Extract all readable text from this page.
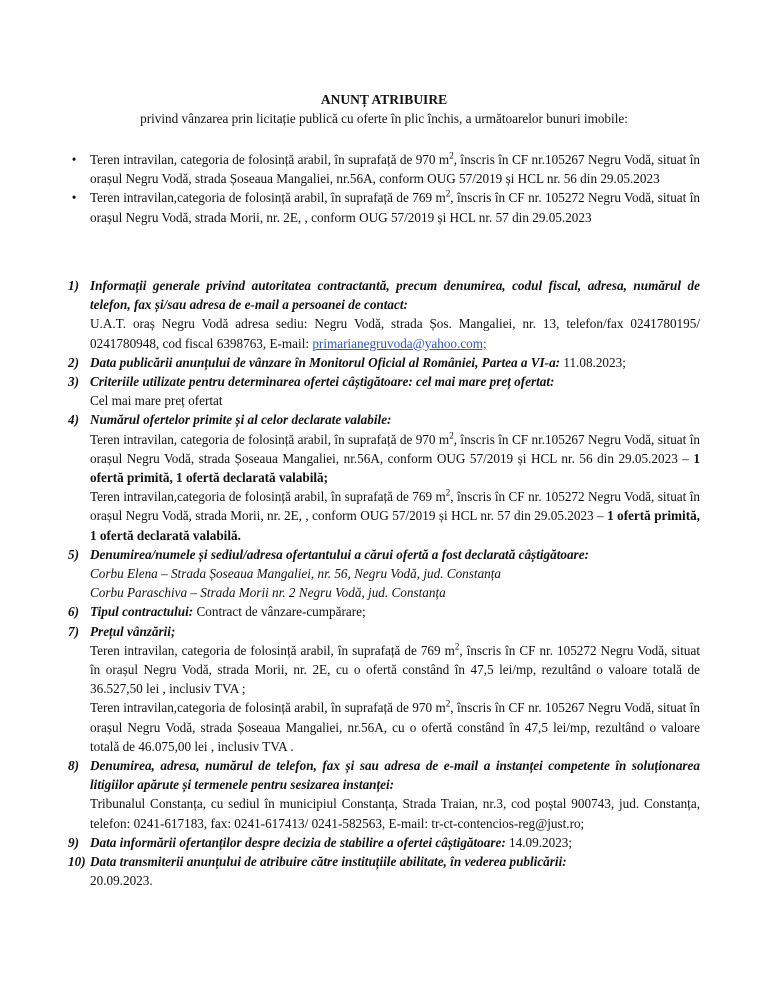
ANUNȚ ATRIBUIRE
privind vânzarea prin licitație publică cu oferte în plic închis, a următoarelor bunuri imobile:
• Teren intravilan, categoria de folosință arabil, în suprafață de 970 $m^2$, înscris în CF nr.105267 Negru Vodă, situat în orașul Negru Vodă, strada Șoseaua Mangaliei, nr.56A, conform OUG 57/2019 și HCL nr. 56 din 29.05.2023
• Teren intravilan,categoria de folosință arabil, în suprafață de 769 $m^2$, înscris în CF nr. 105272 Negru Vodă, situat în orașul Negru Vodă, strada Morii, nr. 2E, , conform OUG 57/2019 și HCL nr. 57 din 29.05.2023
1) Informații generale privind autoritatea contractantă, precum denumirea, codul fiscal, adresa, numărul de telefon, fax și/sau adresa de e-mail a persoanei de contact:
U.A.T. oraș Negru Vodă adresa sediu: Negru Vodă, strada Șos. Mangaliei, nr. 13, telefon/fax 0241780195/ 0241780948, cod fiscal 6398763, E-mail: primarianegruvoda@yahoo.com;
2) Data publicării anunțului de vânzare în Monitorul Oficial al României, Partea a VI-a: 11.08.2023;
3) Criteriile utilizate pentru determinarea ofertei câștigătoare: cel mai mare preț ofertat:
Cel mai mare preț ofertat
4) Numărul ofertelor primite și al celor declarate valabile:
Teren intravilan, categoria de folosință arabil, în suprafață de 970 $m^2$, înscris în CF nr.105267 Negru Vodă, situat în orașul Negru Vodă, strada Șoseaua Mangaliei, nr.56A, conform OUG 57/2019 și HCL nr. 56 din 29.05.2023 – 1 ofertă primită, 1 ofertă declarată valabilă;
Teren intravilan,categoria de folosință arabil, în suprafață de 769 $m^2$, înscris în CF nr. 105272 Negru Vodă, situat în orașul Negru Vodă, strada Morii, nr. 2E, , conform OUG 57/2019 și HCL nr. 57 din 29.05.2023 – 1 ofertă primită, 1 ofertă declarată valabilă.
5) Denumirea/numele și sediul/adresa ofertantului a cărui ofertă a fost declarată câștigătoare:
Corbu Elena – Strada Șoseaua Mangaliei, nr. 56, Negru Vodă, jud. Constanța
Corbu Paraschiva – Strada Morii nr. 2 Negru Vodă, jud. Constanța
6) Tipul contractului: Contract de vânzare-cumpărare;
7) Prețul vânzării;
Teren intravilan, categoria de folosință arabil, în suprafață de 769 $m^2$, înscris în CF nr. 105272 Negru Vodă, situat în orașul Negru Vodă, strada Morii, nr. 2E, cu o ofertă constând în 47,5 lei/mp, rezultând o valoare totală de 36.527,50 lei , inclusiv TVA ;
Teren intravilan,categoria de folosință arabil, în suprafață de 970 $m^2$, înscris în CF nr. 105267 Negru Vodă, situat în orașul Negru Vodă, strada Șoseaua Mangaliei, nr.56A, cu o ofertă constând în 47,5 lei/mp, rezultând o valoare totală de 46.075,00 lei , inclusiv TVA .
8) Denumirea, adresa, numărul de telefon, fax și sau adresa de e-mail a instanței competente în soluționarea litigiilor apărute și termenele pentru sesizarea instanței:
Tribunalul Constanța, cu sediul în municipiul Constanța, Strada Traian, nr.3, cod poștal 900743, jud. Constanța, telefon: 0241-617183, fax: 0241-617413/ 0241-582563, E-mail: tr-ct-contencios-reg@just.ro;
9) Data informării ofertanților despre decizia de stabilire a ofertei câștigătoare: 14.09.2023;
10) Data transmiterii anunțului de atribuire către instituțiile abilitate, în vederea publicării:
20.09.2023.
